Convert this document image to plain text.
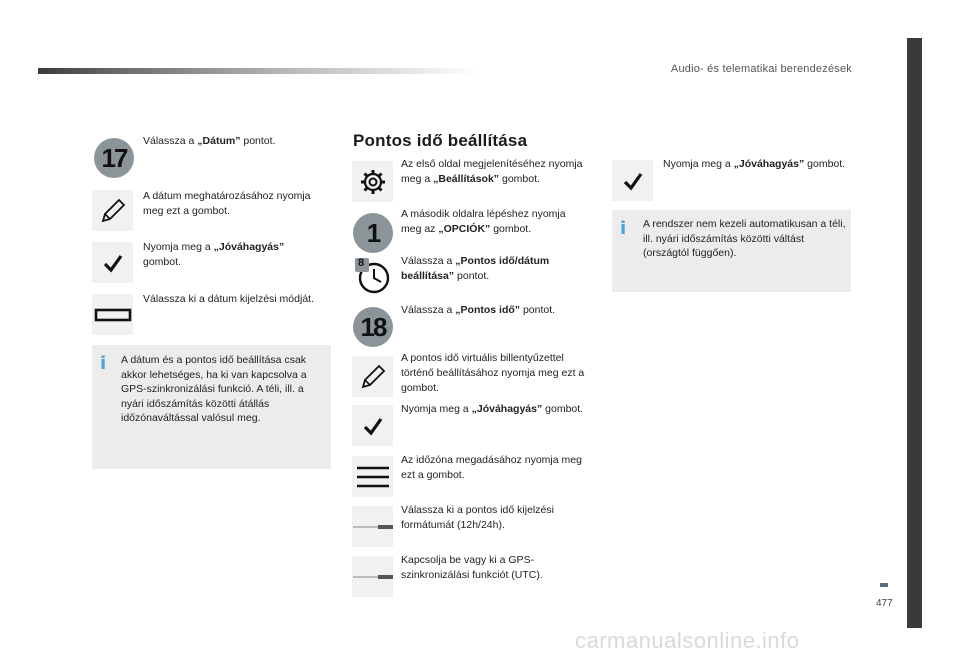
Audio- és telematikai berendezések
477
carmanualsonline.info
17
Válassza a „Dátum” pontot.
A dátum meghatározásához nyomja meg ezt a gombot.
Nyomja meg a „Jóváhagyás” gombot.
Válassza ki a dátum kijelzési módját.
i A dátum és a pontos idő beállítása csak akkor lehetséges, ha ki van kapcsolva a GPS-szinkronizálási funkció. A téli, ill. a nyári időszámítás közötti átállás időzónaváltással valósul meg.
Pontos idő beállítása
Az első oldal megjelenítéséhez nyomja meg a „Beállítások” gombot.
1
A második oldalra lépéshez nyomja meg az „OPCIÓK” gombot.
8	Válassza a „Pontos idő/dátum beállítása” pontot.
18
Válassza a „Pontos idő” pontot.
A pontos idő virtuális billentyűzettel történő beállításához nyomja meg ezt a gombot.
Nyomja meg a „Jóváhagyás” gombot.
Az időzóna megadásához nyomja meg ezt a gombot.
Válassza ki a pontos idő kijelzési formátumát (12h/24h).
Kapcsolja be vagy ki a GPS-szinkronizálási funkciót (UTC).
Nyomja meg a „Jóváhagyás” gombot.
i A rendszer nem kezeli automatikusan a téli, ill. nyári időszámítás közötti váltást (országtól függően).
